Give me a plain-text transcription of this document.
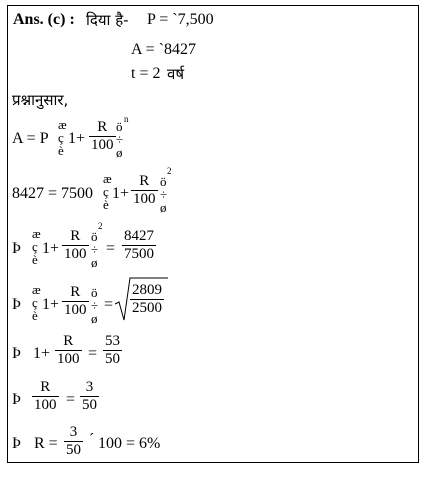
Ans. (c) : दिया है- P = `7,500
A = `8427
t = 2 वर्ष
प्रश्नानुसार,
A = P
æ
ç
è
$1+ \frac{R}{100}$ ö n
÷
ø
8427 = 7500
æ
ç
è
$1+ \frac{R}{100}$ ö
2
÷
ø
Þ
æ
ç
è
$1+ \frac{R}{100}$ ö
2
÷
ø
= $\frac{8427}{7500}$
Þ
æ
ç
è
$1+ \frac{R}{100}$ ö
÷
ø
= $\frac{2809}{2500}$
Þ $1+ \frac{R}{100} = \frac{53}{50}$
Þ $\frac{R}{100} = \frac{3}{50}$
Þ $R = \frac{3}{50}$ ´ 100 = 6%
